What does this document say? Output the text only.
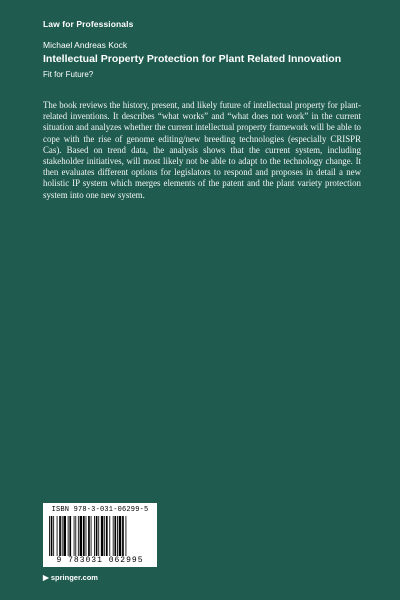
Law for Professionals
Michael Andreas Kock
Intellectual Property Protection for Plant Related Innovation
Fit for Future?

The book reviews the history, present, and likely future of intellectual property for plant-related inventions. It describes “what works” and “what does not work” in the current situation and analyzes whether the current intellectual property framework will be able to cope with the rise of genome editing/new breeding technologies (especially CRISPR Cas). Based on trend data, the analysis shows that the current system, including stakeholder initiatives, will most likely not be able to adapt to the technology change. It then evaluates different options for legislators to respond and proposes in detail a new holistic IP system which merges elements of the patent and the plant variety protection system into one new system.

ISBN 978-3-031-06299-5
9 783031 062995
▶ springer.com
